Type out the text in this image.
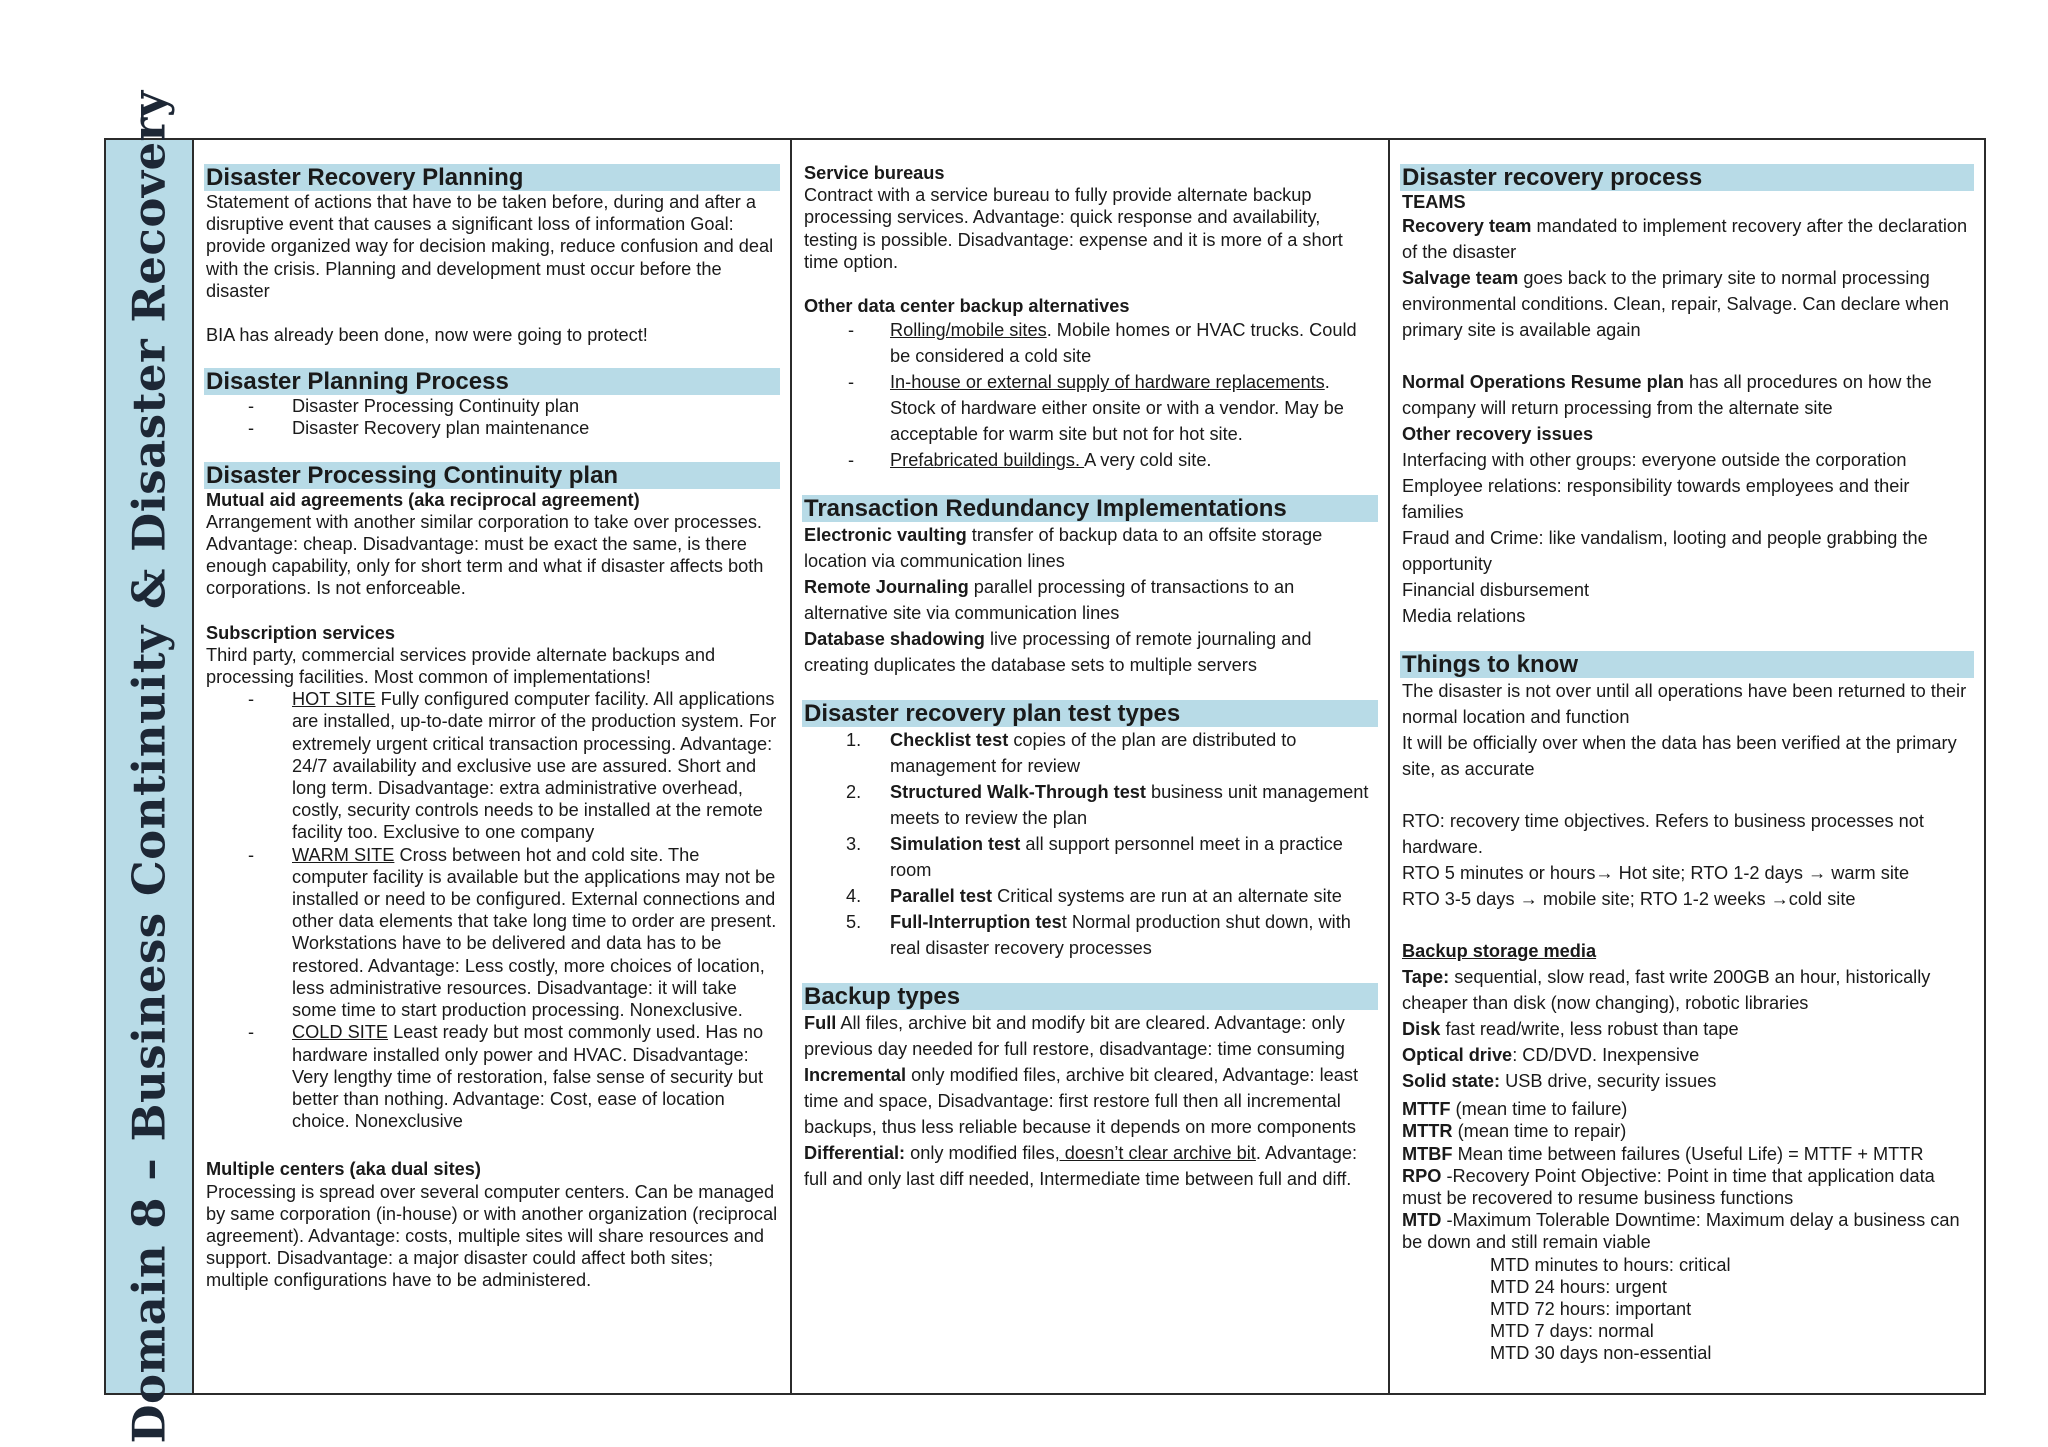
Domain 8 – Business Continuity & Disaster Recovery Disaster Recovery Planning

Statement of actions that have to be taken before, during and after a disruptive event that causes a significant loss of information Goal: provide organized way for decision making, reduce confusion and deal with the crisis. Planning and development must occur before the disaster

BIA has already been done, now were going to protect!

Disaster Planning Process
- Disaster Processing Continuity plan
- Disaster Recovery plan maintenance
Disaster Processing Continuity plan

Mutual aid agreements (aka reciprocal agreement)

Arrangement with another similar corporation to take over processes. Advantage: cheap. Disadvantage: must be exact the same, is there enough capability, only for short term and what if disaster affects both corporations. Is not enforceable.

Subscription services

Third party, commercial services provide alternate backups and processing facilities. Most common of implementations!

- HOT SITE Fully configured computer facility. All applications are installed, up-to-date mirror of the production system. For extremely urgent critical transaction processing. Advantage: 24/7 availability and exclusive use are assured. Short and long term. Disadvantage: extra administrative overhead, costly, security controls needs to be installed at the remote facility too. Exclusive to one company
- WARM SITE Cross between hot and cold site. The computer facility is available but the applications may not be installed or need to be configured. External connections and other data elements that take long time to order are present. Workstations have to be delivered and data has to be restored. Advantage: Less costly, more choices of location, less administrative resources. Disadvantage: it will take some time to start production processing. Nonexclusive.
- COLD SITE Least ready but most commonly used. Has no hardware installed only power and HVAC. Disadvantage: Very lengthy time of restoration, false sense of security but better than nothing. Advantage: Cost, ease of location choice. Nonexclusive

Multiple centers (aka dual sites)

Processing is spread over several computer centers. Can be managed by same corporation (in-house) or with another organization (reciprocal agreement). Advantage: costs, multiple sites will share resources and support. Disadvantage: a major disaster could affect both sites; multiple configurations have to be administered.

Service bureaus

Contract with a service bureau to fully provide alternate backup processing services. Advantage: quick response and availability, testing is possible. Disadvantage: expense and it is more of a short time option.

Other data center backup alternatives

- Rolling/mobile sites. Mobile homes or HVAC trucks. Could be considered a cold site
- In-house or external supply of hardware replacements. Stock of hardware either onsite or with a vendor. May be acceptable for warm site but not for hot site.
- Prefabricated buildings. A very cold site.
Transaction Redundancy Implementations

Electronic vaulting transfer of backup data to an offsite storage location via communication lines

Remote Journaling parallel processing of transactions to an alternative site via communication lines

Database shadowing live processing of remote journaling and creating duplicates the database sets to multiple servers

Disaster recovery plan test types
1. Checklist test copies of the plan are distributed to management for review
2. Structured Walk-Through test business unit management meets to review the plan
3. Simulation test all support personnel meet in a practice room
4. Parallel test Critical systems are run at an alternate site
5. Full-Interruption test Normal production shut down, with real disaster recovery processes
Backup types

Full All files, archive bit and modify bit are cleared. Advantage: only previous day needed for full restore, disadvantage: time consuming

Incremental only modified files, archive bit cleared, Advantage: least time and space, Disadvantage: first restore full then all incremental backups, thus less reliable because it depends on more components

Differential: only modified files, doesn’t clear archive bit. Advantage: full and only last diff needed, Intermediate time between full and diff.

Disaster recovery process

TEAMS

Recovery team mandated to implement recovery after the declaration of the disaster

Salvage team goes back to the primary site to normal processing environmental conditions. Clean, repair, Salvage. Can declare when primary site is available again

Normal Operations Resume plan has all procedures on how the company will return processing from the alternate site

Other recovery issues

Interfacing with other groups: everyone outside the corporation

Employee relations: responsibility towards employees and their families

Fraud and Crime: like vandalism, looting and people grabbing the opportunity

Financial disbursement

Media relations

Things to know

The disaster is not over until all operations have been returned to their normal location and function

It will be officially over when the data has been verified at the primary site, as accurate

RTO: recovery time objectives. Refers to business processes not hardware.

RTO 5 minutes or hours→ Hot site; RTO 1-2 days → warm site

RTO 3-5 days → mobile site; RTO 1-2 weeks →cold site

Backup storage media

Tape: sequential, slow read, fast write 200GB an hour, historically cheaper than disk (now changing), robotic libraries

Disk fast read/write, less robust than tape

Optical drive: CD/DVD. Inexpensive

Solid state: USB drive, security issues

MTTF (mean time to failure)

MTTR (mean time to repair)

MTBF Mean time between failures (Useful Life) = MTTF + MTTR

RPO -Recovery Point Objective: Point in time that application data must be recovered to resume business functions

MTD -Maximum Tolerable Downtime: Maximum delay a business can be down and still remain viable

MTD minutes to hours: critical

MTD 24 hours: urgent

MTD 72 hours: important

MTD 7 days: normal

MTD 30 days non-essential
